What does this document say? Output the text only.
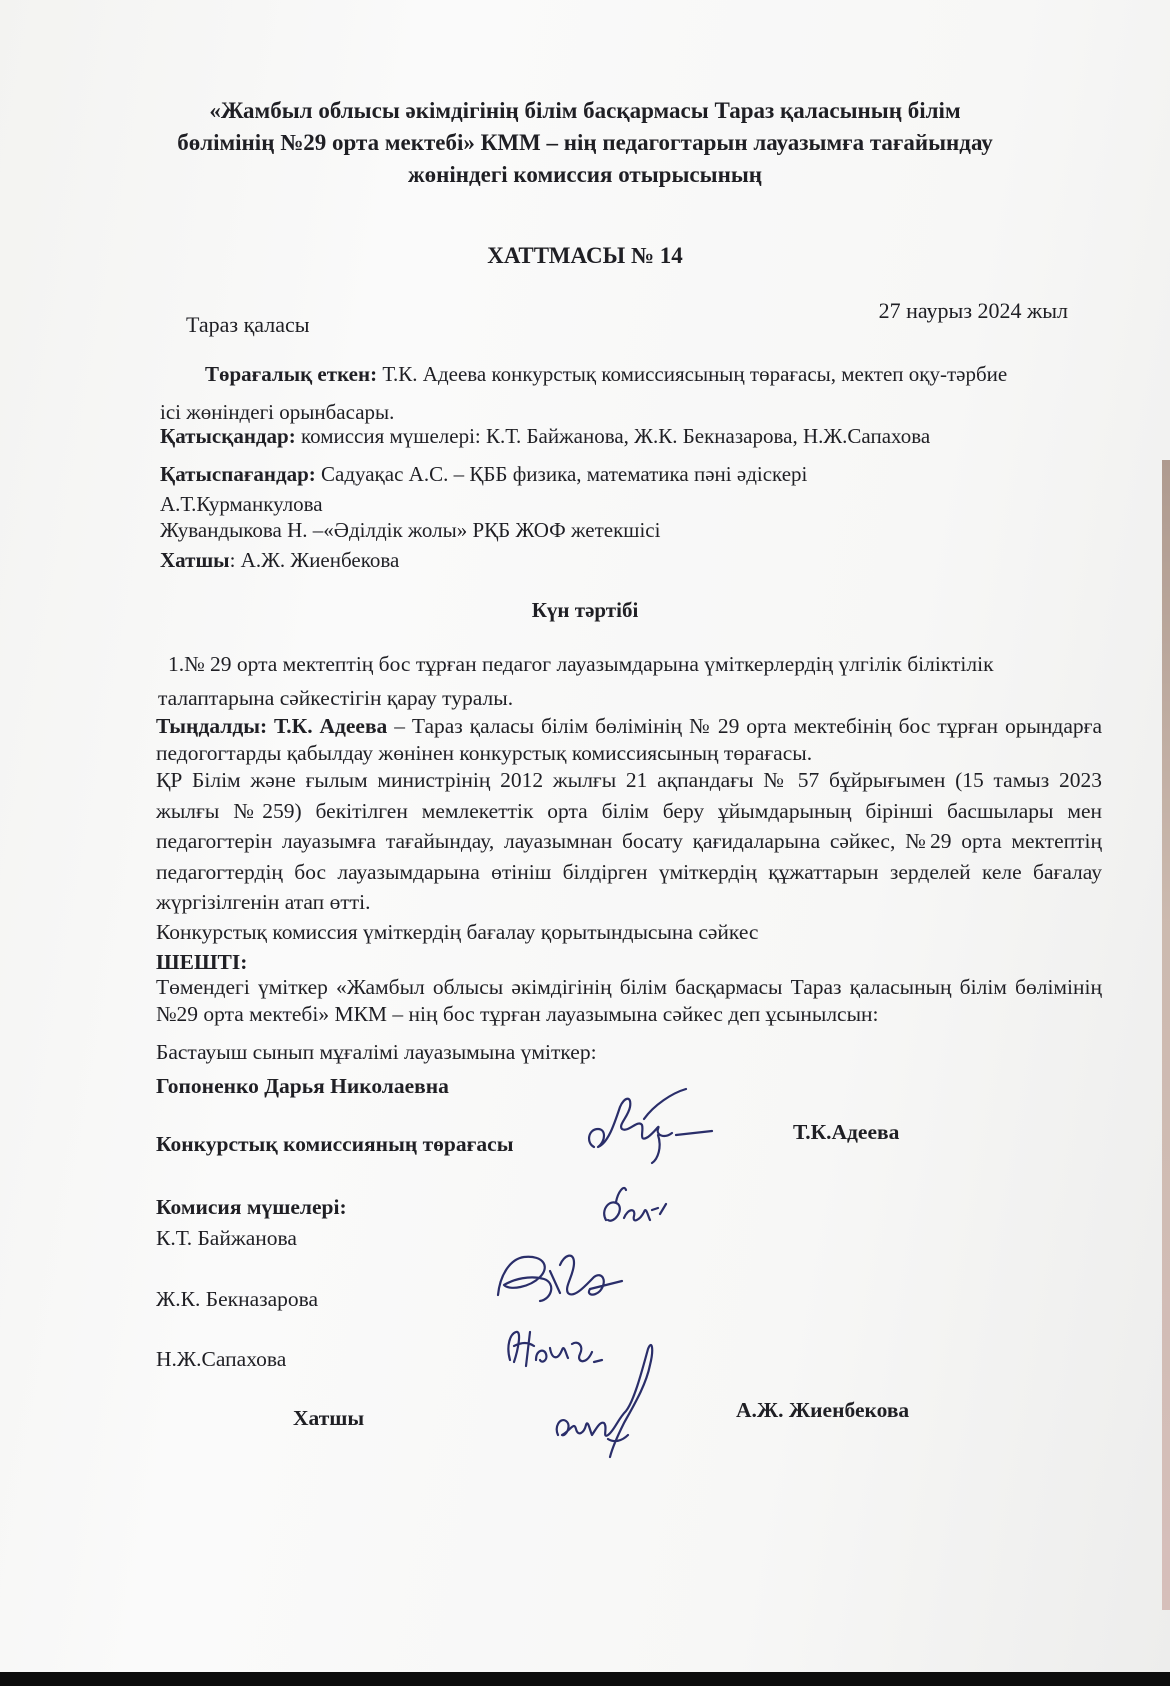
«Жамбыл облысы әкімдігінің білім басқармасы Тараз қаласының білім
бөлімінің №29 орта мектебі» КММ – нің педагогтарын лауазымға тағайындау
жөніндегі комиссия отырысының
ХАТТМАСЫ № 14
Тараз қаласы
27 наурыз 2024 жыл
Төрағалық еткен: Т.К. Адеева конкурстық комиссиясының төрағасы, мектеп оқу-тәрбие
ісі жөніндегі орынбасары.
Қатысқандар: комиссия мүшелері: К.Т. Байжанова, Ж.К. Бекназарова, Н.Ж.Сапахова
Қатыспағандар: Садуақас А.С. – ҚББ физика, математика пәні әдіскері
А.Т.Курманкулова
Жувандыкова Н. –«Әділдік жолы» РҚБ ЖОФ жетекшісі
Хатшы: А.Ж. Жиенбекова
Күн тәртібі
1.№ 29 орта мектептің бос тұрған педагог лауазымдарына үміткерлердің үлгілік біліктілік
талаптарына сәйкестігін қарау туралы.
Тыңдалды: Т.К. Адеева – Тараз қаласы білім бөлімінің № 29 орта мектебінің бос тұрған орындарға педогогтарды қабылдау жөнінен конкурстық комиссиясының төрағасы.
ҚР Білім және ғылым министрінің 2012 жылғы 21 ақпандағы № 57 бұйрығымен (15 тамыз 2023 жылғы №259) бекітілген мемлекеттік орта білім беру ұйымдарының бірінші басшылары мен педагогтерін лауазымға тағайындау, лауазымнан босату қағидаларына сәйкес, №29 орта мектептің педагогтердің бос лауазымдарына өтініш білдірген үміткердің құжаттарын зерделей келе бағалау жүргізілгенін атап өтті.
Конкурстық комиссия үміткердің бағалау қорытындысына сәйкес
ШЕШТІ:
Төмендегі үміткер «Жамбыл облысы әкімдігінің білім басқармасы Тараз қаласының білім бөлімінің №29 орта мектебі» МКМ – нің бос тұрған лауазымына сәйкес деп ұсынылсын:
Бастауыш сынып мұғалімі лауазымына үміткер:
Гопоненко Дарья Николаевна
Конкурстық комиссияның төрағасы	Т.К.Адеева
Комисия мүшелері:
К.Т. Байжанова
Ж.К. Бекназарова
Н.Ж.Сапахова
Хатшы	А.Ж. Жиенбекова
